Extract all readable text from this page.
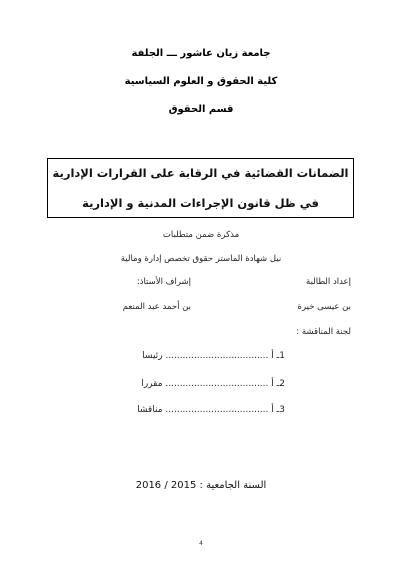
جامعة زيان عاشور ـــ الجلفة
كلية الحقوق و العلوم السياسية
قسم الحقوق
الضمانات القضائية في الرقابة على القرارات الإدارية
في ظل قانون الإجراءات المدنية و الإدارية
مذكرة ضمن متطلبات
نيل شهادة الماستر حقوق تخصص إدارة ومالية
إعداد الطالبة
إشراف الأستاذ:
بن عيسى خيرة
بن أحمد عبد المنعم
لجنة المناقشة :
1ـ أ .................................... رئيسا
2ـ أ .................................... مقررا
3ـ أ .................................... مناقشا
السنة الجامعية : 2015 / 2016
4
